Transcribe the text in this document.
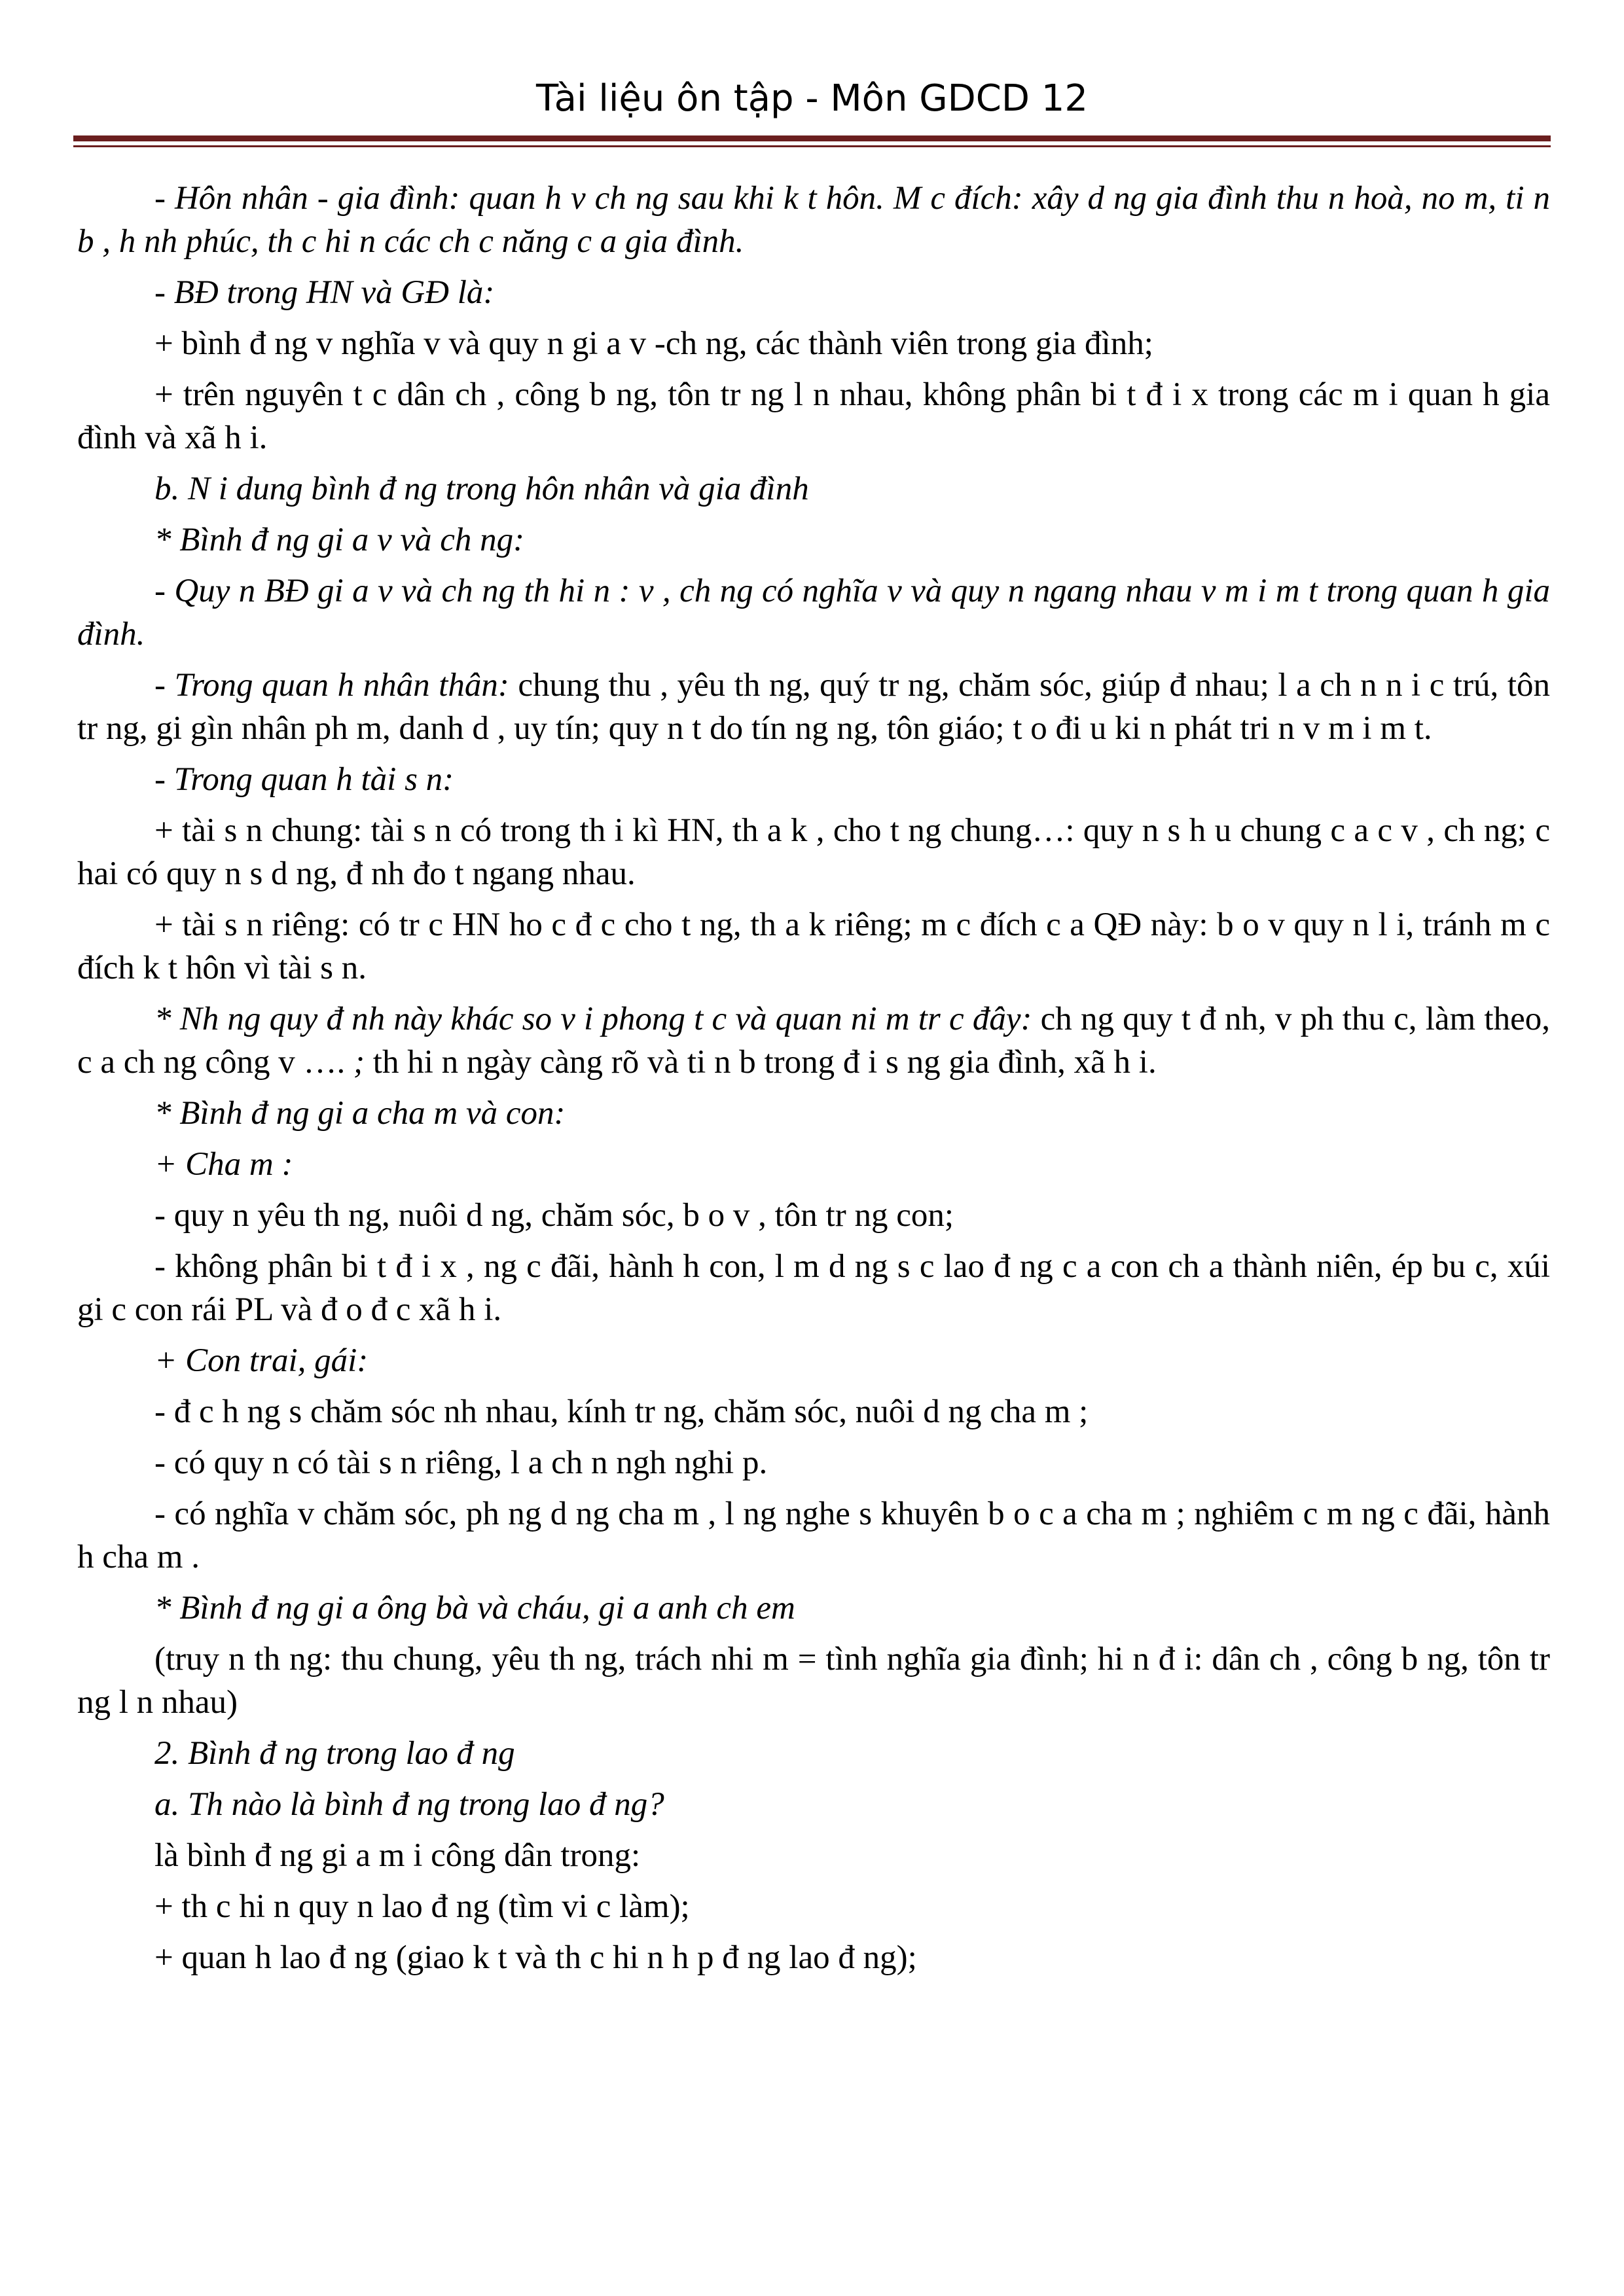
Tài liệu ôn tập - Môn GDCD 12

- Hôn nhân - gia đình: quan h v ch ng sau khi k t hôn. M c đích: xây d ng gia đình thu n hoà, no m, ti n b , h nh phúc, th c hi n các ch c năng c a gia đình.

- BĐ trong HN và GĐ là:

+ bình đ ng v nghĩa v và quy n gi a v -ch ng, các thành viên trong gia đình;

+ trên nguyên t c dân ch , công b ng, tôn tr ng l n nhau, không phân bi t đ i x trong các m i quan h gia đình và xã h i.

b. N i dung bình đ ng trong hôn nhân và gia đình

* Bình đ ng gi a v và ch ng:

- Quy n BĐ gi a v và ch ng th hi n : v , ch ng có nghĩa v và quy n ngang nhau v m i m t trong quan h gia đình.

- Trong quan h nhân thân: chung thu , yêu th ng, quý tr ng, chăm sóc, giúp đ nhau; l a ch n n i c trú, tôn tr ng, gi gìn nhân ph m, danh d , uy tín; quy n t do tín ng ng, tôn giáo; t o đi u ki n phát tri n v m i m t.

- Trong quan h tài s n:

+ tài s n chung: tài s n có trong th i kì HN, th a k , cho t ng chung…: quy n s h u chung c a c v , ch ng; c hai có quy n s d ng, đ nh đo t ngang nhau.

+ tài s n riêng: có tr c HN ho c đ c cho t ng, th a k riêng; m c đích c a QĐ này: b o v quy n l i, tránh m c đích k t hôn vì tài s n.

* Nh ng quy đ nh này khác so v i phong t c và quan ni m tr c đây: ch ng quy t đ nh, v ph thu c, làm theo, c a ch ng công v …. ; th hi n ngày càng rõ và ti n b trong đ i s ng gia đình, xã h i.

* Bình đ ng gi a cha m và con:

+ Cha m :

- quy n yêu th ng, nuôi d ng, chăm sóc, b o v , tôn tr ng con;

- không phân bi t đ i x , ng c đãi, hành h con, l m d ng s c lao đ ng c a con ch a thành niên, ép bu c, xúi gi c con rái PL và đ o đ c xã h i.

+ Con trai, gái:

- đ c h ng s chăm sóc nh nhau, kính tr ng, chăm sóc, nuôi d ng cha m ;

- có quy n có tài s n riêng, l a ch n ngh nghi p.

- có nghĩa v chăm sóc, ph ng d ng cha m , l ng nghe s khuyên b o c a cha m ; nghiêm c m ng c đãi, hành h cha m .

* Bình đ ng gi a ông bà và cháu, gi a anh ch em

(truy n th ng: thu chung, yêu th ng, trách nhi m = tình nghĩa gia đình; hi n đ i: dân ch , công b ng, tôn tr ng l n nhau)

2. Bình đ ng trong lao đ ng

a. Th nào là bình đ ng trong lao đ ng?

là bình đ ng gi a m i công dân trong:

+ th c hi n quy n lao đ ng (tìm vi c làm);

+ quan h lao đ ng (giao k t và th c hi n h p đ ng lao đ ng);
